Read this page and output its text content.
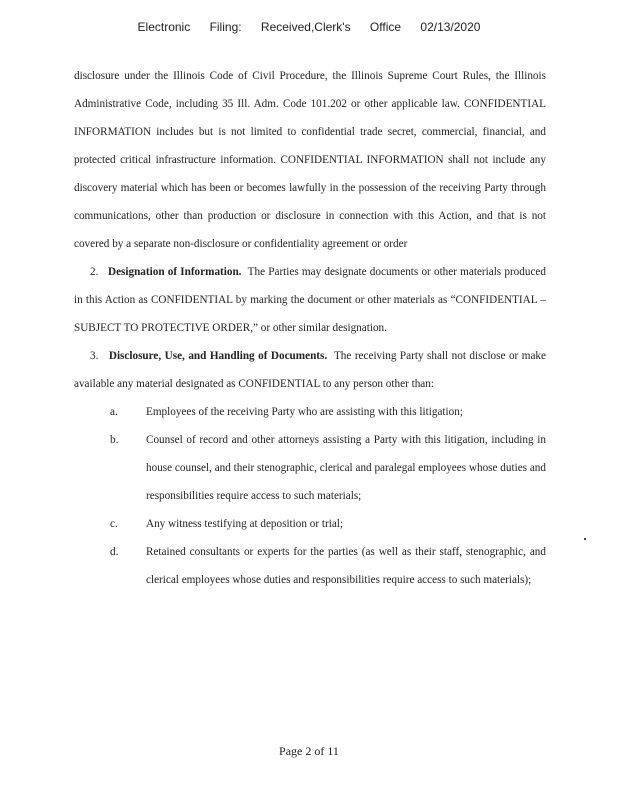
Electronic Filing: Received,Clerk's Office 02/13/2020

disclosure under the Illinois Code of Civil Procedure, the Illinois Supreme Court Rules, the Illinois Administrative Code, including 35 Ill. Adm. Code 101.202 or other applicable law. CONFIDENTIAL INFORMATION includes but is not limited to confidential trade secret, commercial, financial, and protected critical infrastructure information. CONFIDENTIAL INFORMATION shall not include any discovery material which has been or becomes lawfully in the possession of the receiving Party through communications, other than production or disclosure in connection with this Action, and that is not covered by a separate non-disclosure or confidentiality agreement or order

2. Designation of Information. The Parties may designate documents or other materials produced in this Action as CONFIDENTIAL by marking the document or other materials as “CONFIDENTIAL – SUBJECT TO PROTECTIVE ORDER,” or other similar designation.

3. Disclosure, Use, and Handling of Documents. The receiving Party shall not disclose or make available any material designated as CONFIDENTIAL to any person other than:

a.	Employees of the receiving Party who are assisting with this litigation;
b. Counsel of record and other attorneys assisting a Party with this litigation, including in house counsel, and their stenographic, clerical and paralegal employees whose duties and responsibilities require access to such materials;
c.	Any witness testifying at deposition or trial;
d. Retained consultants or experts for the parties (as well as their staff, stenographic, and clerical employees whose duties and responsibilities require access to such materials);
Page 2 of 11
